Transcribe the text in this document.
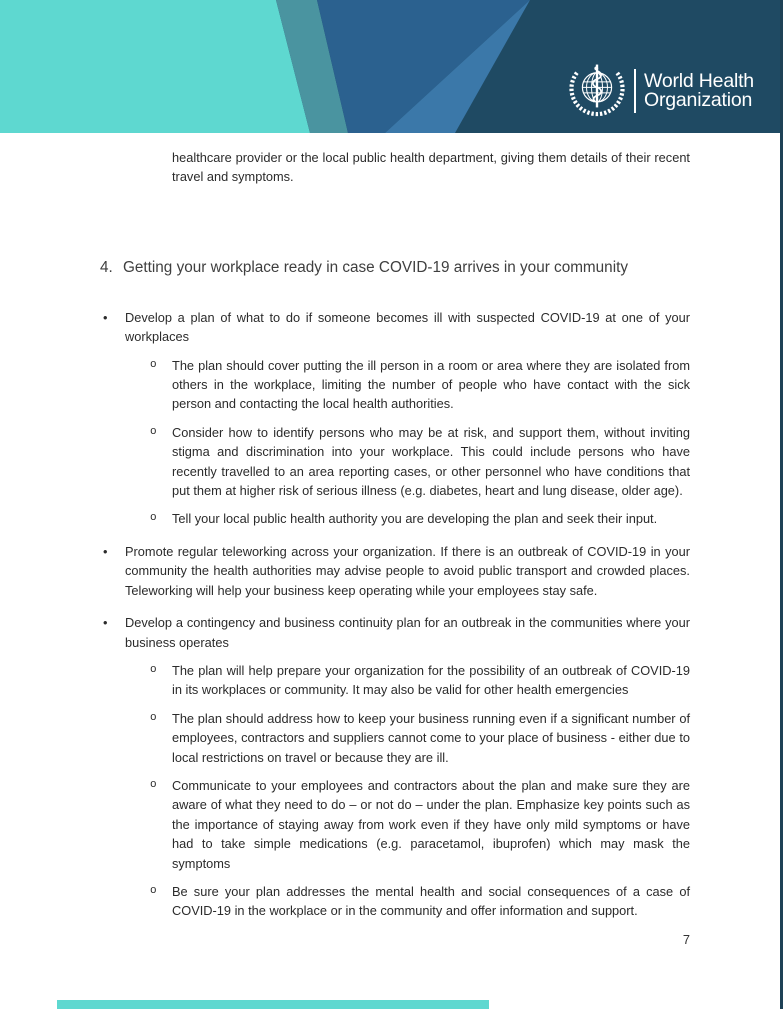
World Health
Organization

healthcare provider or the local public health department, giving them details of their recent travel and symptoms.

4. Getting your workplace ready in case COVID-19 arrives in your community
•	Develop a plan of what to do if someone becomes ill with suspected COVID-19 at one of your workplaces

o	The plan should cover putting the ill person in a room or area where they are isolated from others in the workplace, limiting the number of people who have contact with the sick person and contacting the local health authorities.

o	Consider how to identify persons who may be at risk, and support them, without inviting stigma and discrimination into your workplace. This could include persons who have recently travelled to an area reporting cases, or other personnel who have conditions that put them at higher risk of serious illness (e.g. diabetes, heart and lung disease, older age).

o	Tell your local public health authority you are developing the plan and seek their input.

•	Promote regular teleworking across your organization. If there is an outbreak of COVID-19 in your community the health authorities may advise people to avoid public transport and crowded places. Teleworking will help your business keep operating while your employees stay safe.

•	Develop a contingency and business continuity plan for an outbreak in the communities where your business operates

o	The plan will help prepare your organization for the possibility of an outbreak of COVID-19 in its workplaces or community. It may also be valid for other health emergencies

o	The plan should address how to keep your business running even if a significant number of employees, contractors and suppliers cannot come to your place of business - either due to local restrictions on travel or because they are ill.

o	Communicate to your employees and contractors about the plan and make sure they are aware of what they need to do – or not do – under the plan. Emphasize key points such as the importance of staying away from work even if they have only mild symptoms or have had to take simple medications (e.g. paracetamol, ibuprofen) which may mask the symptoms

o	Be sure your plan addresses the mental health and social consequences of a case of COVID-19 in the workplace or in the community and offer information and support.

7
